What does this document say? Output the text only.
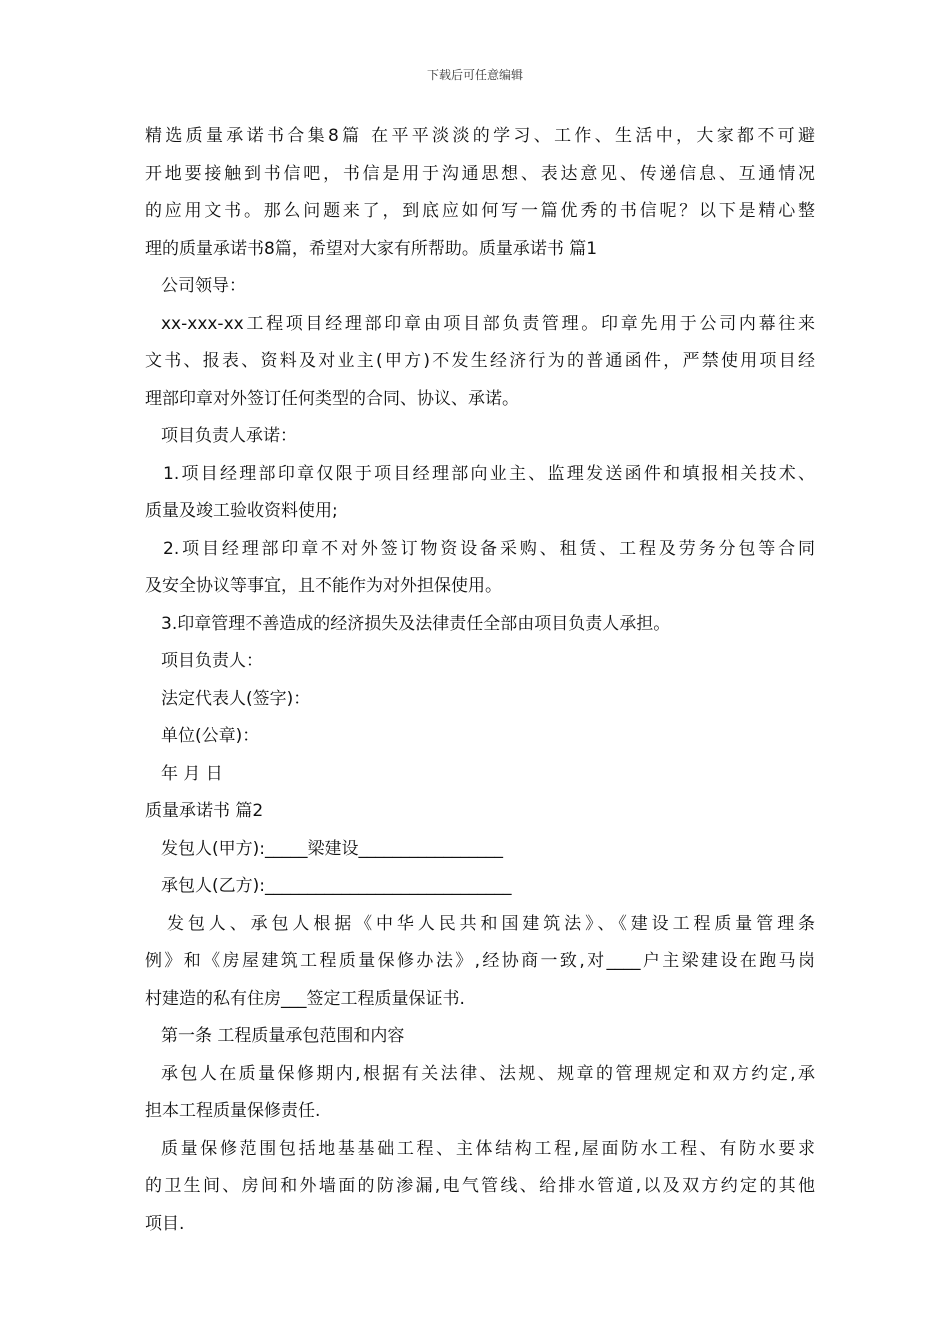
下载后可任意编辑
精选质量承诺书合集8篇 在平平淡淡的学习、工作、生活中，大家都不可避
开地要接触到书信吧，书信是用于沟通思想、表达意见、传递信息、互通情况
的应用文书。那么问题来了，到底应如何写一篇优秀的书信呢？以下是精心整
理的质量承诺书8篇，希望对大家有所帮助。质量承诺书 篇1
公司领导：
xx-xxx-xx工程项目经理部印章由项目部负责管理。印章先用于公司内幕往来
文书、报表、资料及对业主(甲方)不发生经济行为的普通函件，严禁使用项目经
理部印章对外签订任何类型的合同、协议、承诺。
项目负责人承诺：
1.项目经理部印章仅限于项目经理部向业主、监理发送函件和填报相关技术、
质量及竣工验收资料使用;
2.项目经理部印章不对外签订物资设备采购、租赁、工程及劳务分包等合同
及安全协议等事宜，且不能作为对外担保使用。
3.印章管理不善造成的经济损失及法律责任全部由项目负责人承担。
项目负责人：
法定代表人(签字)：
单位(公章)：
年 月 日
质量承诺书 篇2
发包人(甲方):_____梁建设_________________
承包人(乙方):_____________________________
发包人、承包人根据《中华人民共和国建筑法》、《建设工程质量管理条
例》和《房屋建筑工程质量保修办法》,经协商一致,对____户主梁建设在跑马岗
村建造的私有住房___签定工程质量保证书.
第一条 工程质量承包范围和内容
承包人在质量保修期内,根据有关法律、法规、规章的管理规定和双方约定,承
担本工程质量保修责任.
质量保修范围包括地基基础工程、主体结构工程,屋面防水工程、有防水要求
的卫生间、房间和外墙面的防渗漏,电气管线、给排水管道,以及双方约定的其他
项目.
